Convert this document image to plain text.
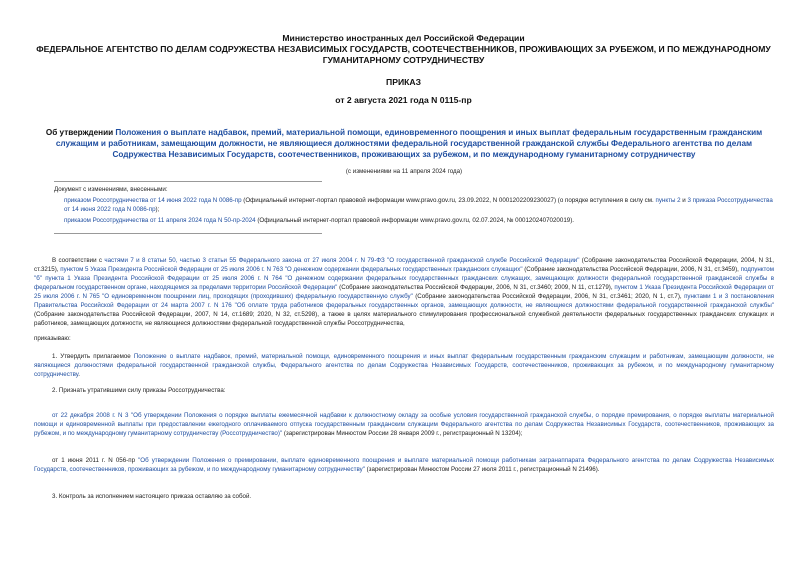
Министерство иностранных дел Российской Федерации
ФЕДЕРАЛЬНОЕ АГЕНТСТВО ПО ДЕЛАМ СОДРУЖЕСТВА НЕЗАВИСИМЫХ ГОСУДАРСТВ, СООТЕЧЕСТВЕННИКОВ, ПРОЖИВАЮЩИХ ЗА РУБЕЖОМ, И ПО МЕЖДУНАРОДНОМУ ГУМАНИТАРНОМУ СОТРУДНИЧЕСТВУ
ПРИКАЗ
от 2 августа 2021 года N 0115-пр
Об утверждении Положения о выплате надбавок, премий, материальной помощи, единовременного поощрения и иных выплат федеральным государственным гражданским служащим и работникам, замещающим должности, не являющиеся должностями федеральной государственной гражданской службы Федерального агентства по делам Содружества Независимых Государств, соотечественников, проживающих за рубежом, и по международному гуманитарному сотрудничеству
(с изменениями на 11 апреля 2024 года)
Документ с изменениями, внесенными:
приказом Россотрудничества от 14 июня 2022 года N 0086-пр (Официальный интернет-портал правовой информации www.pravo.gov.ru, 23.09.2022, N 0001202209230027) (о порядке вступления в силу см. пункты 2 и 3 приказа Россотрудничества от 14 июня 2022 года N 0086-пр);
приказом Россотрудничества от 11 апреля 2024 года N 50-пр-2024 (Официальный интернет-портал правовой информации www.pravo.gov.ru, 02.07.2024, № 0001202407020019).
В соответствии с частями 7 и 8 статьи 50, частью 3 статьи 55 Федерального закона от 27 июля 2004 г. N 79-ФЗ "О государственной гражданской службе Российской Федерации" (Собрание законодательства Российской Федерации, 2004, N 31, ст.3215), пунктом 5 Указа Президента Российской Федерации от 25 июля 2006 г. N 763 "О денежном содержании федеральных государственных гражданских служащих" (Собрание законодательства Российской Федерации, 2006, N 31, ст.3459), подпунктом "б" пункта 1 Указа Президента Российской Федерации от 25 июля 2006 г. N 764 "О денежном содержании федеральных государственных гражданских служащих, замещающих должности федеральной государственной гражданской службы в федеральном государственном органе, находящемся за пределами территории Российской Федерации" (Собрание законодательства Российской Федерации, 2006, N 31, ст.3460; 2009, N 11, ст.1279), пунктом 1 Указа Президента Российской Федерации от 25 июля 2006 г. N 765 "О единовременном поощрении лиц, проходящих (проходивших) федеральную государственную службу" (Собрание законодательства Российской Федерации, 2006, N 31, ст.3461; 2020, N 1, ст.7), пунктами 1 и 3 постановления Правительства Российской Федерации от 24 марта 2007 г. N 176 "Об оплате труда работников федеральных государственных органов, замещающих должности, не являющиеся должностями федеральной государственной гражданской службы" (Собрание законодательства Российской Федерации, 2007, N 14, ст.1689; 2020, N 32, ст.5298), а также в целях материального стимулирования профессиональной служебной деятельности федеральных государственных гражданских служащих и работников, замещающих должности, не являющиеся должностями федеральной государственной службы Россотрудничества,
приказываю:
1. Утвердить прилагаемое Положение о выплате надбавок, премий, материальной помощи, единовременного поощрения и иных выплат федеральным государственным гражданским служащим и работникам, замещающим должности, не являющиеся должностями федеральной государственной гражданской службы, Федерального агентства по делам Содружества Независимых Государств, соотечественников, проживающих за рубежом, и по международному гуманитарному сотрудничеству.
2. Признать утратившими силу приказы Россотрудничества:
от 22 декабря 2008 г. N 3 "Об утверждении Положения о порядке выплаты ежемесячной надбавки к должностному окладу за особые условия государственной гражданской службы, о порядке премирования, о порядке выплаты материальной помощи и единовременной выплаты при предоставлении ежегодного оплачиваемого отпуска государственным гражданским служащим Федерального агентства по делам Содружества Независимых Государств, соотечественников, проживающих за рубежом, и по международному гуманитарному сотрудничеству (Россотрудничество)" (зарегистрирован Минюстом России 28 января 2009 г., регистрационный N 13204);
от 1 июня 2011 г. N 056-пр "Об утверждении Положения о премировании, выплате единовременного поощрения и выплате материальной помощи работникам загранаппарата Федерального агентства по делам Содружества Независимых Государств, соотечественников, проживающих за рубежом, и по международному гуманитарному сотрудничеству" (зарегистрирован Минюстом России 27 июля 2011 г., регистрационный N 21496).
3. Контроль за исполнением настоящего приказа оставляю за собой.
